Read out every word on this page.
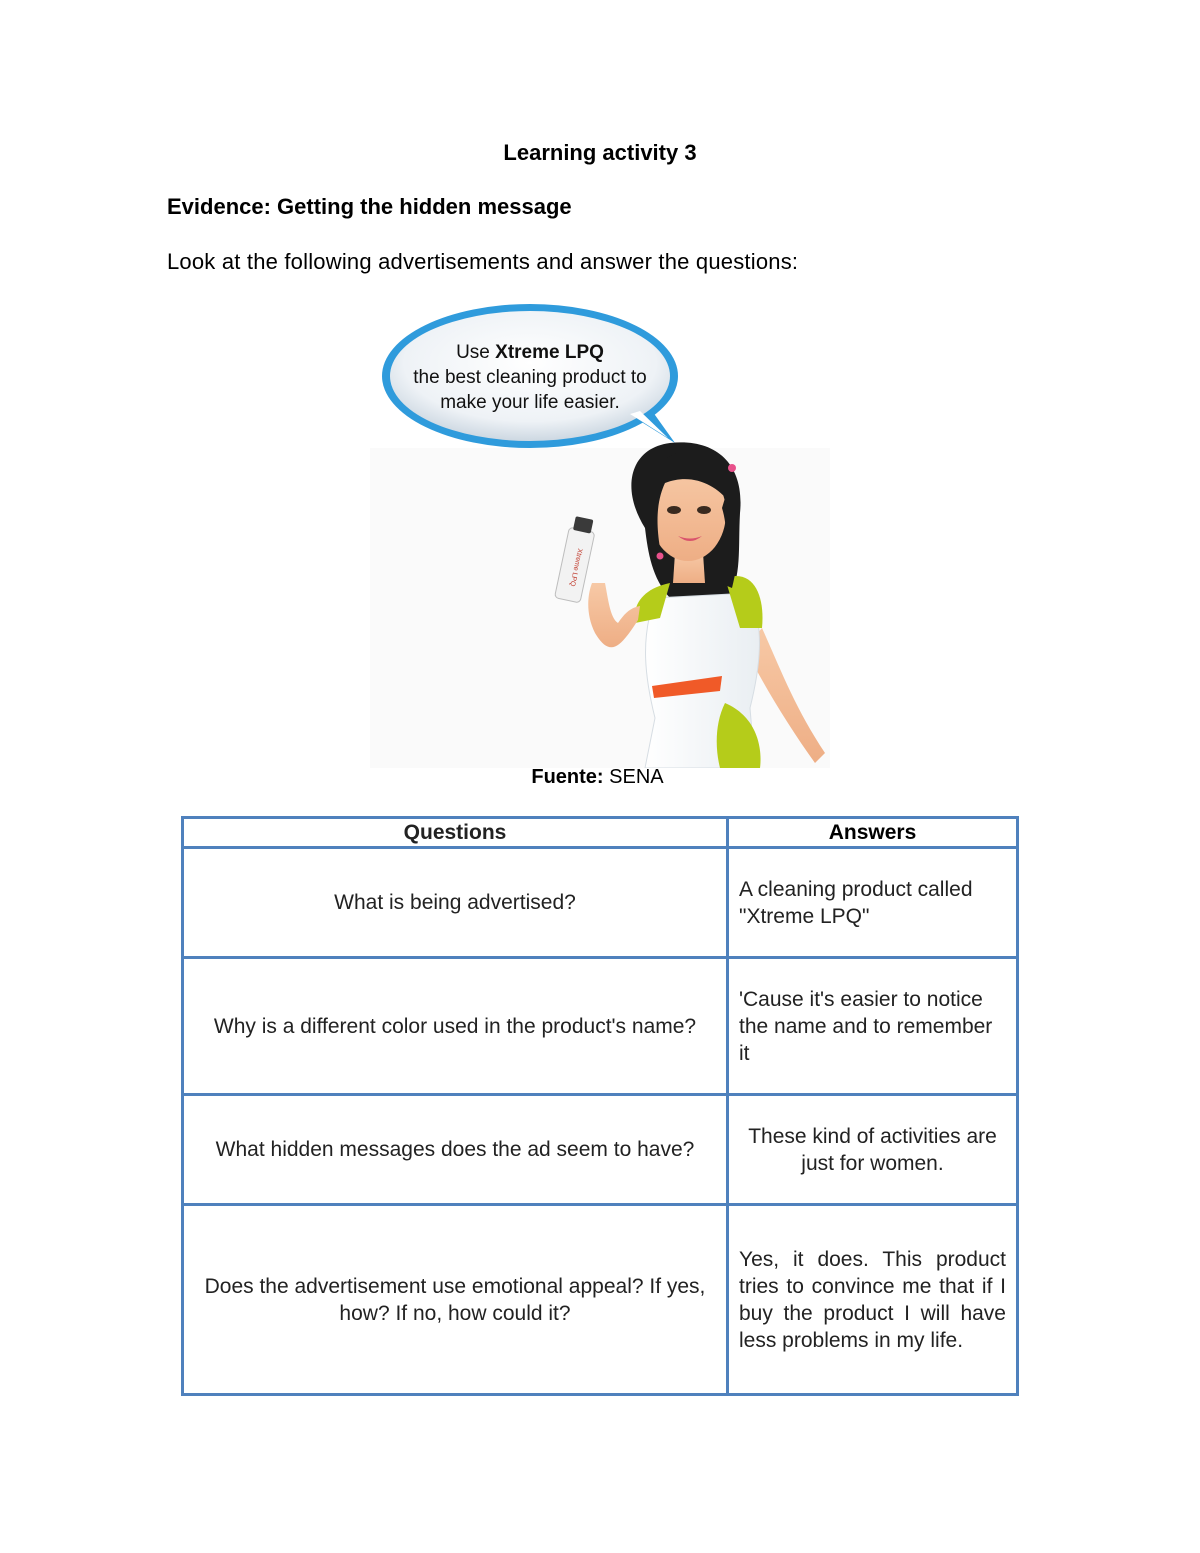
Learning activity 3
Evidence: Getting the hidden message
Look at the following advertisements and answer the questions:
Xtreme LPQ
Use Xtreme LPQ
the best cleaning product to
make your life easier.
Fuente: SENA
Questions	Answers
What is being advertised?	A cleaning product called "Xtreme LPQ"
Why is a different color used in the product's name?	'Cause it's easier to notice the name and to remember it
What hidden messages does the ad seem to have?	These kind of activities are just for women.
Does the advertisement use emotional appeal? If yes, how? If no, how could it?	Yes, it does. This product tries to convince me that if I buy the product I will have less problems in my life.
